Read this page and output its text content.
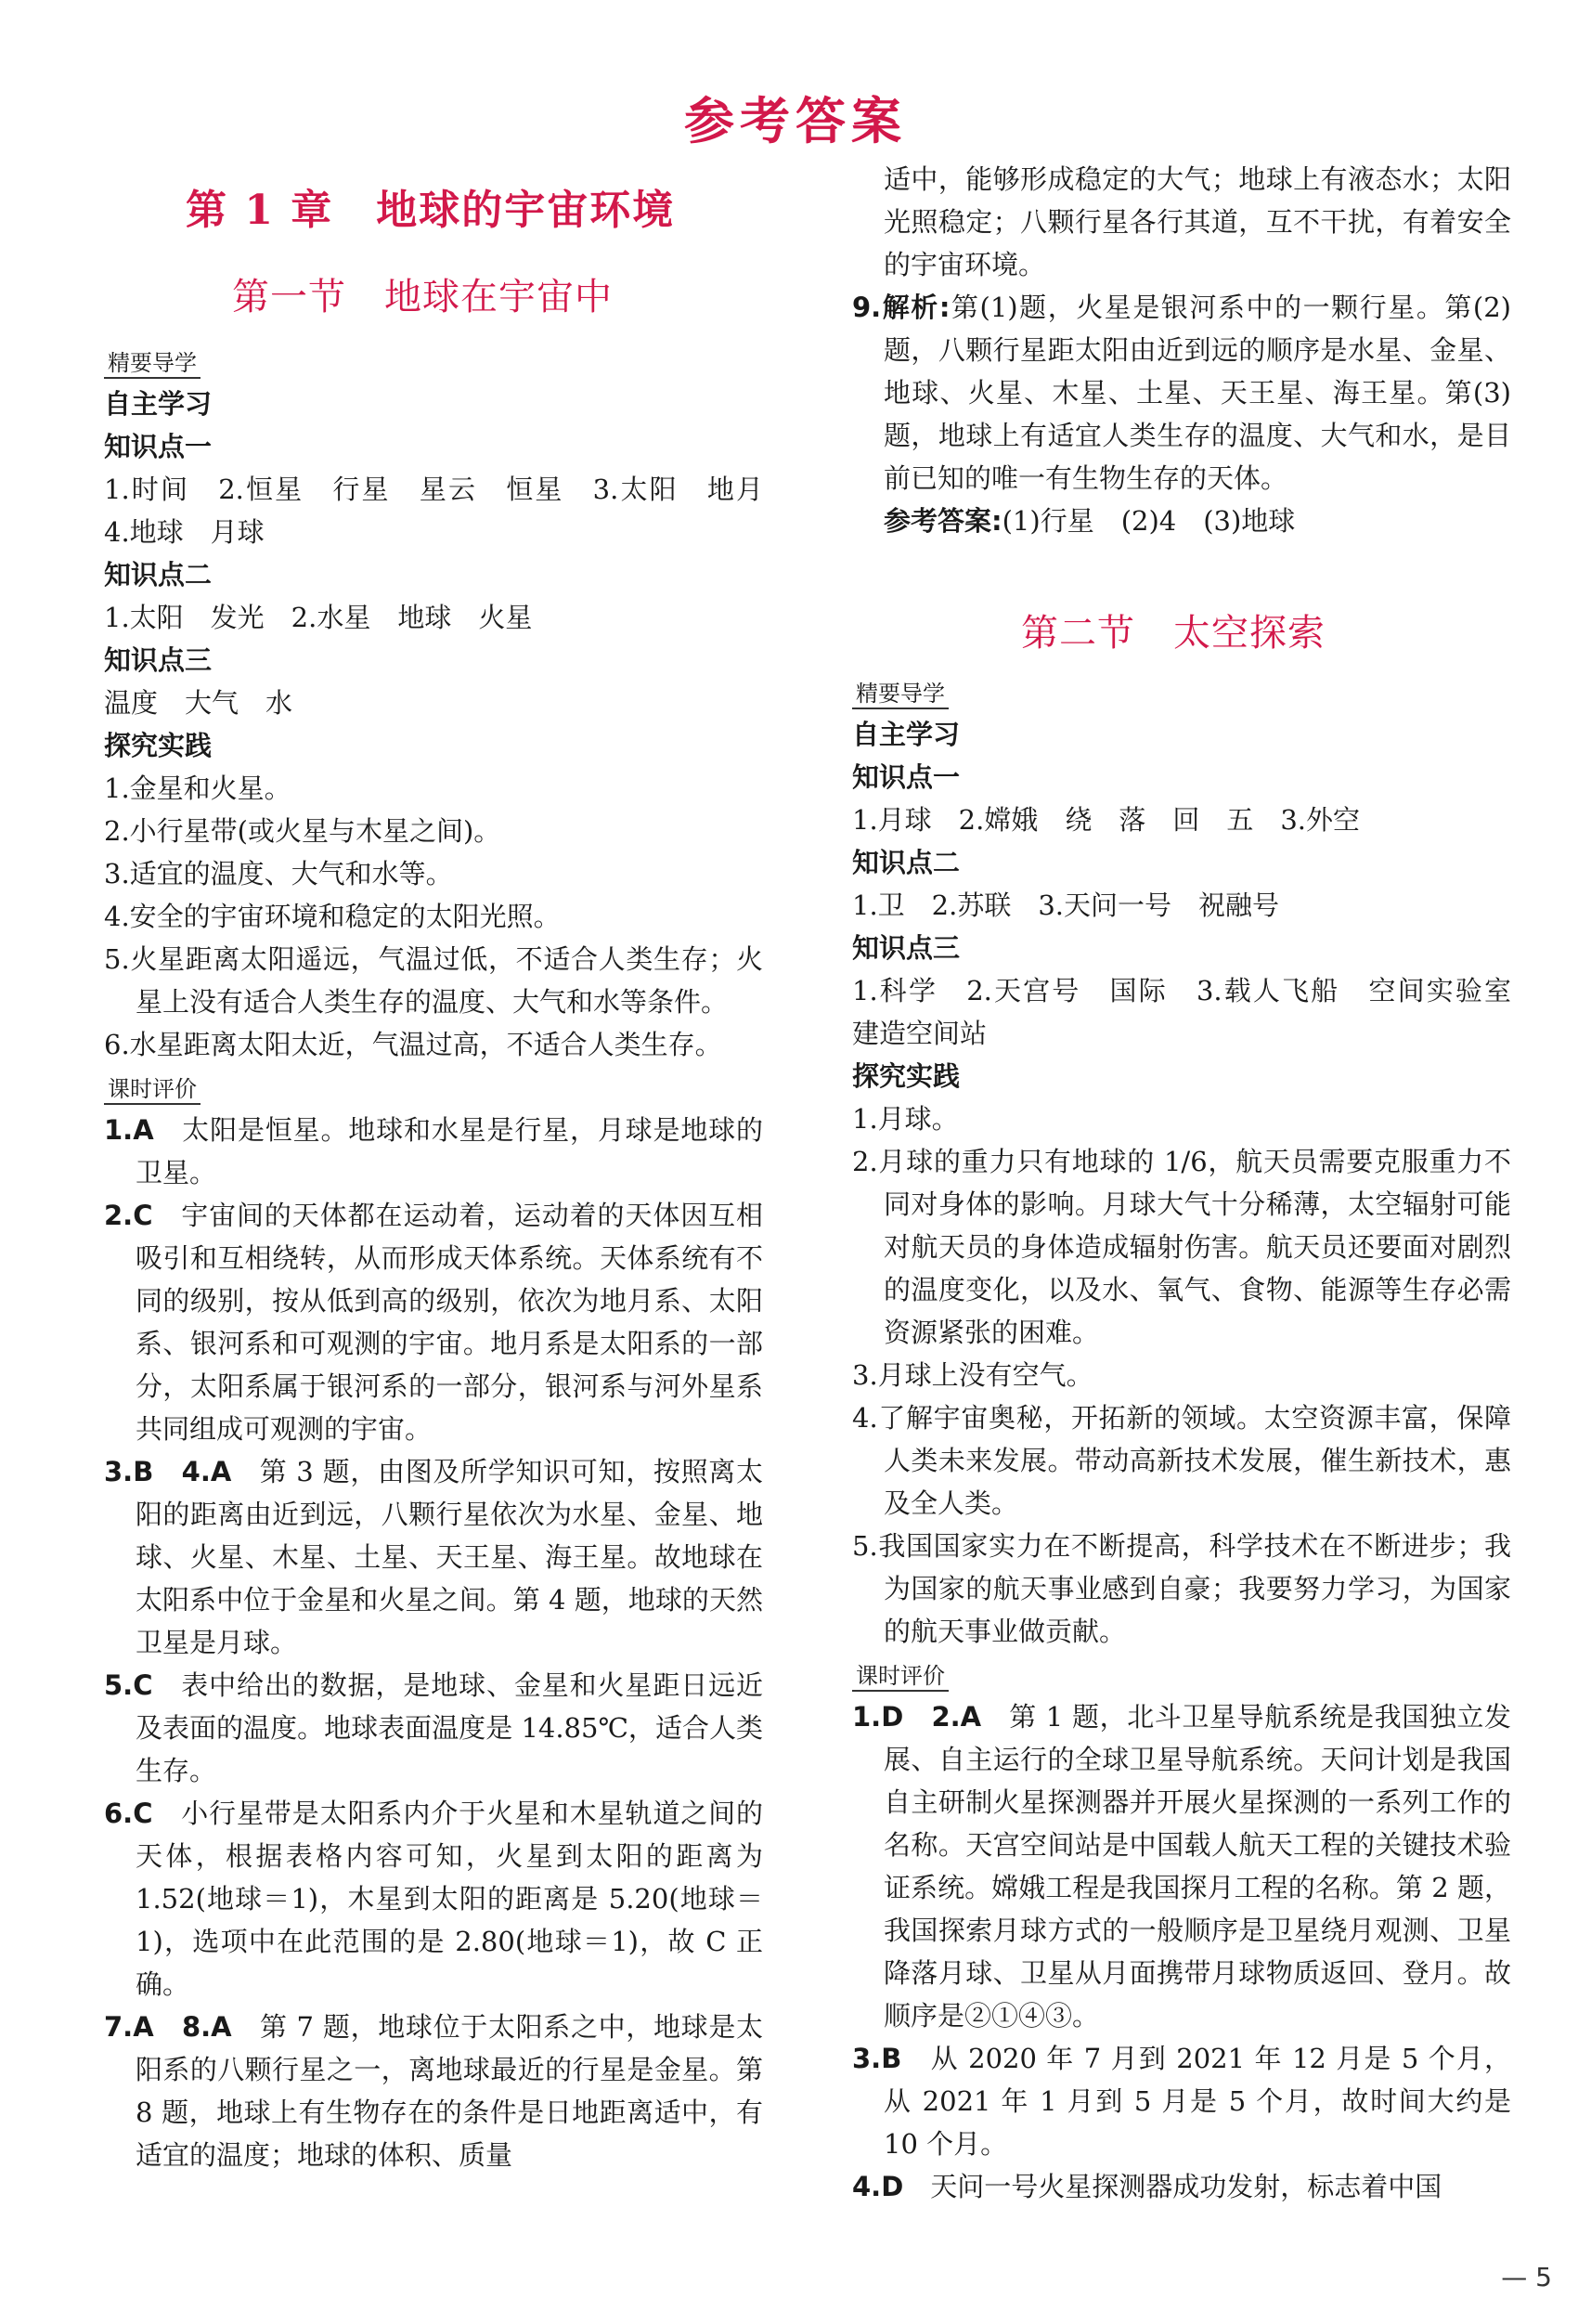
参考答案
第 1 章　地球的宇宙环境
第一节　地球在宇宙中
精要导学
自主学习
知识点一

1.时间　2.恒星　行星　星云　恒星　3.太阳　地月　4.地球　月球

知识点二

1.太阳　发光　2.水星　地球　火星

知识点三

温度　大气　水

探究实践

1.金星和火星。

2.小行星带(或火星与木星之间)。

3.适宜的温度、大气和水等。

4.安全的宇宙环境和稳定的太阳光照。

5.火星距离太阳遥远，气温过低，不适合人类生存；火星上没有适合人类生存的温度、大气和水等条件。

6.水星距离太阳太近，气温过高，不适合人类生存。

课时评价

1.A　太阳是恒星。地球和水星是行星，月球是地球的卫星。

2.C　宇宙间的天体都在运动着，运动着的天体因互相吸引和互相绕转，从而形成天体系统。天体系统有不同的级别，按从低到高的级别，依次为地月系、太阳系、银河系和可观测的宇宙。地月系是太阳系的一部分，太阳系属于银河系的一部分，银河系与河外星系共同组成可观测的宇宙。

3.B　4.A　第 3 题，由图及所学知识可知，按照离太阳的距离由近到远，八颗行星依次为水星、金星、地球、火星、木星、土星、天王星、海王星。故地球在太阳系中位于金星和火星之间。第 4 题，地球的天然卫星是月球。

5.C　表中给出的数据，是地球、金星和火星距日远近及表面的温度。地球表面温度是 14.85℃，适合人类生存。

6.C　小行星带是太阳系内介于火星和木星轨道之间的天体，根据表格内容可知，火星到太阳的距离为 1.52(地球＝1)，木星到太阳的距离是 5.20(地球＝1)，选项中在此范围的是 2.80(地球＝1)，故 C 正确。

7.A　8.A　第 7 题，地球位于太阳系之中，地球是太阳系的八颗行星之一，离地球最近的行星是金星。第 8 题，地球上有生物存在的条件是日地距离适中，有适宜的温度；地球的体积、质量

适中，能够形成稳定的大气；地球上有液态水；太阳光照稳定；八颗行星各行其道，互不干扰，有着安全的宇宙环境。

9.解析:第(1)题，火星是银河系中的一颗行星。第(2)题，八颗行星距太阳由近到远的顺序是水星、金星、地球、火星、木星、土星、天王星、海王星。第(3)题，地球上有适宜人类生存的温度、大气和水，是目前已知的唯一有生物生存的天体。

参考答案:(1)行星　(2)4　(3)地球

第二节　太空探索
精要导学
自主学习
知识点一

1.月球　2.嫦娥　绕　落　回　五　3.外空

知识点二

1.卫　2.苏联　3.天问一号　祝融号

知识点三

1.科学　2.天宫号　国际　3.载人飞船　空间实验室　建造空间站

探究实践

1.月球。

2.月球的重力只有地球的 1/6，航天员需要克服重力不同对身体的影响。月球大气十分稀薄，太空辐射可能对航天员的身体造成辐射伤害。航天员还要面对剧烈的温度变化，以及水、氧气、食物、能源等生存必需资源紧张的困难。

3.月球上没有空气。

4.了解宇宙奥秘，开拓新的领域。太空资源丰富，保障人类未来发展。带动高新技术发展，催生新技术，惠及全人类。

5.我国国家实力在不断提高，科学技术在不断进步；我为国家的航天事业感到自豪；我要努力学习，为国家的航天事业做贡献。

课时评价

1.D　2.A　第 1 题，北斗卫星导航系统是我国独立发展、自主运行的全球卫星导航系统。天问计划是我国自主研制火星探测器并开展火星探测的一系列工作的名称。天宫空间站是中国载人航天工程的关键技术验证系统。嫦娥工程是我国探月工程的名称。第 2 题，我国探索月球方式的一般顺序是卫星绕月观测、卫星降落月球、卫星从月面携带月球物质返回、登月。故顺序是②①④③。

3.B　从 2020 年 7 月到 2021 年 12 月是 5 个月，从 2021 年 1 月到 5 月是 5 个月，故时间大约是 10 个月。

4.D　天问一号火星探测器成功发射，标志着中国

— 5
